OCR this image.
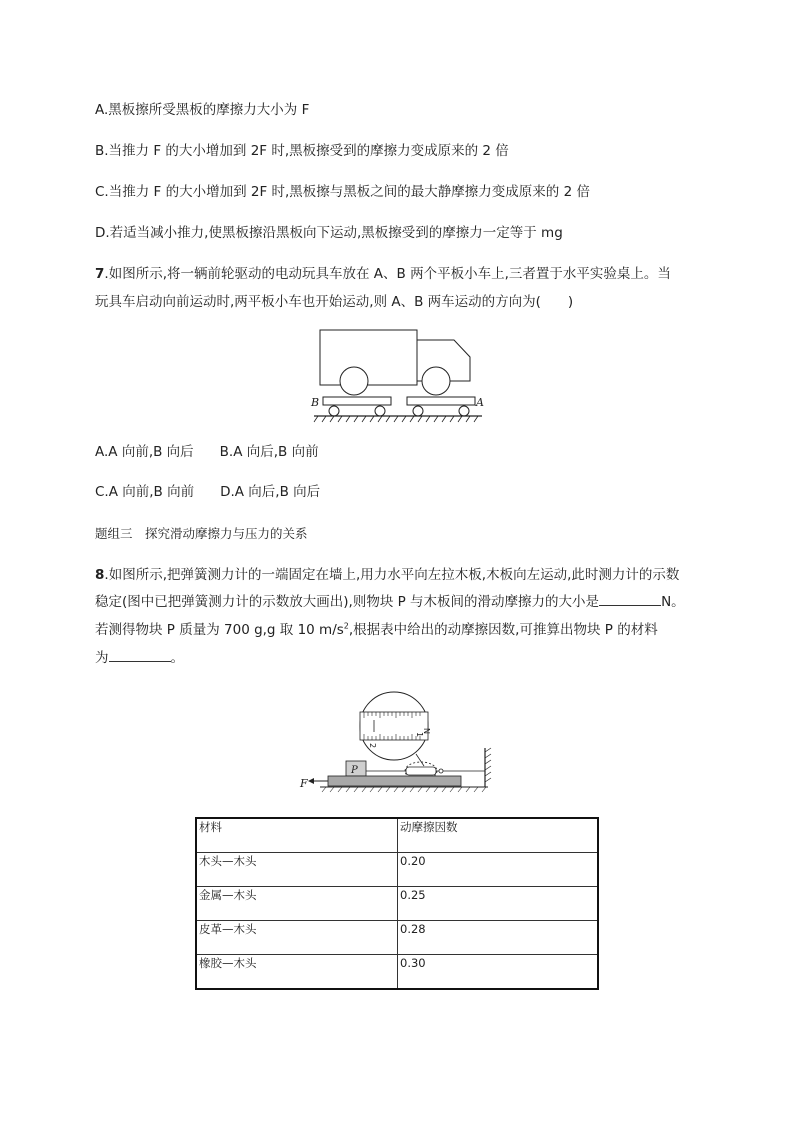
A.黑板擦所受黑板的摩擦力大小为 F
B.当推力 F 的大小增加到 2F 时,黑板擦受到的摩擦力变成原来的 2 倍
C.当推力 F 的大小增加到 2F 时,黑板擦与黑板之间的最大静摩擦力变成原来的 2 倍
D.若适当减小推力,使黑板擦沿黑板向下运动,黑板擦受到的摩擦力一定等于 mg
7.如图所示,将一辆前轮驱动的电动玩具车放在 A、B 两个平板小车上,三者置于水平实验桌上。当
玩具车启动向前运动时,两平板小车也开始运动,则 A、B 两车运动的方向为(　　)
B	A
A.A 向前,B 向后 B.A 向后,B 向前
C.A 向前,B 向前 D.A 向后,B 向后
题组三　探究滑动摩擦力与压力的关系
8.如图所示,把弹簧测力计的一端固定在墙上,用力水平向左拉木板,木板向左运动,此时测力计的示数
稳定(图中已把弹簧测力计的示数放大画出),则物块 P 与木板间的滑动摩擦力的大小是	N。
若测得物块 P 质量为 700 g,g 取 10 $m/s^2$,根据表中给出的动摩擦因数,可推算出物块 P 的材料
为	。
N
1
2
P
F
材料	动摩擦因数
木头—木头	0.20
金属—木头	0.25
皮革—木头	0.28
橡胶—木头	0.30
